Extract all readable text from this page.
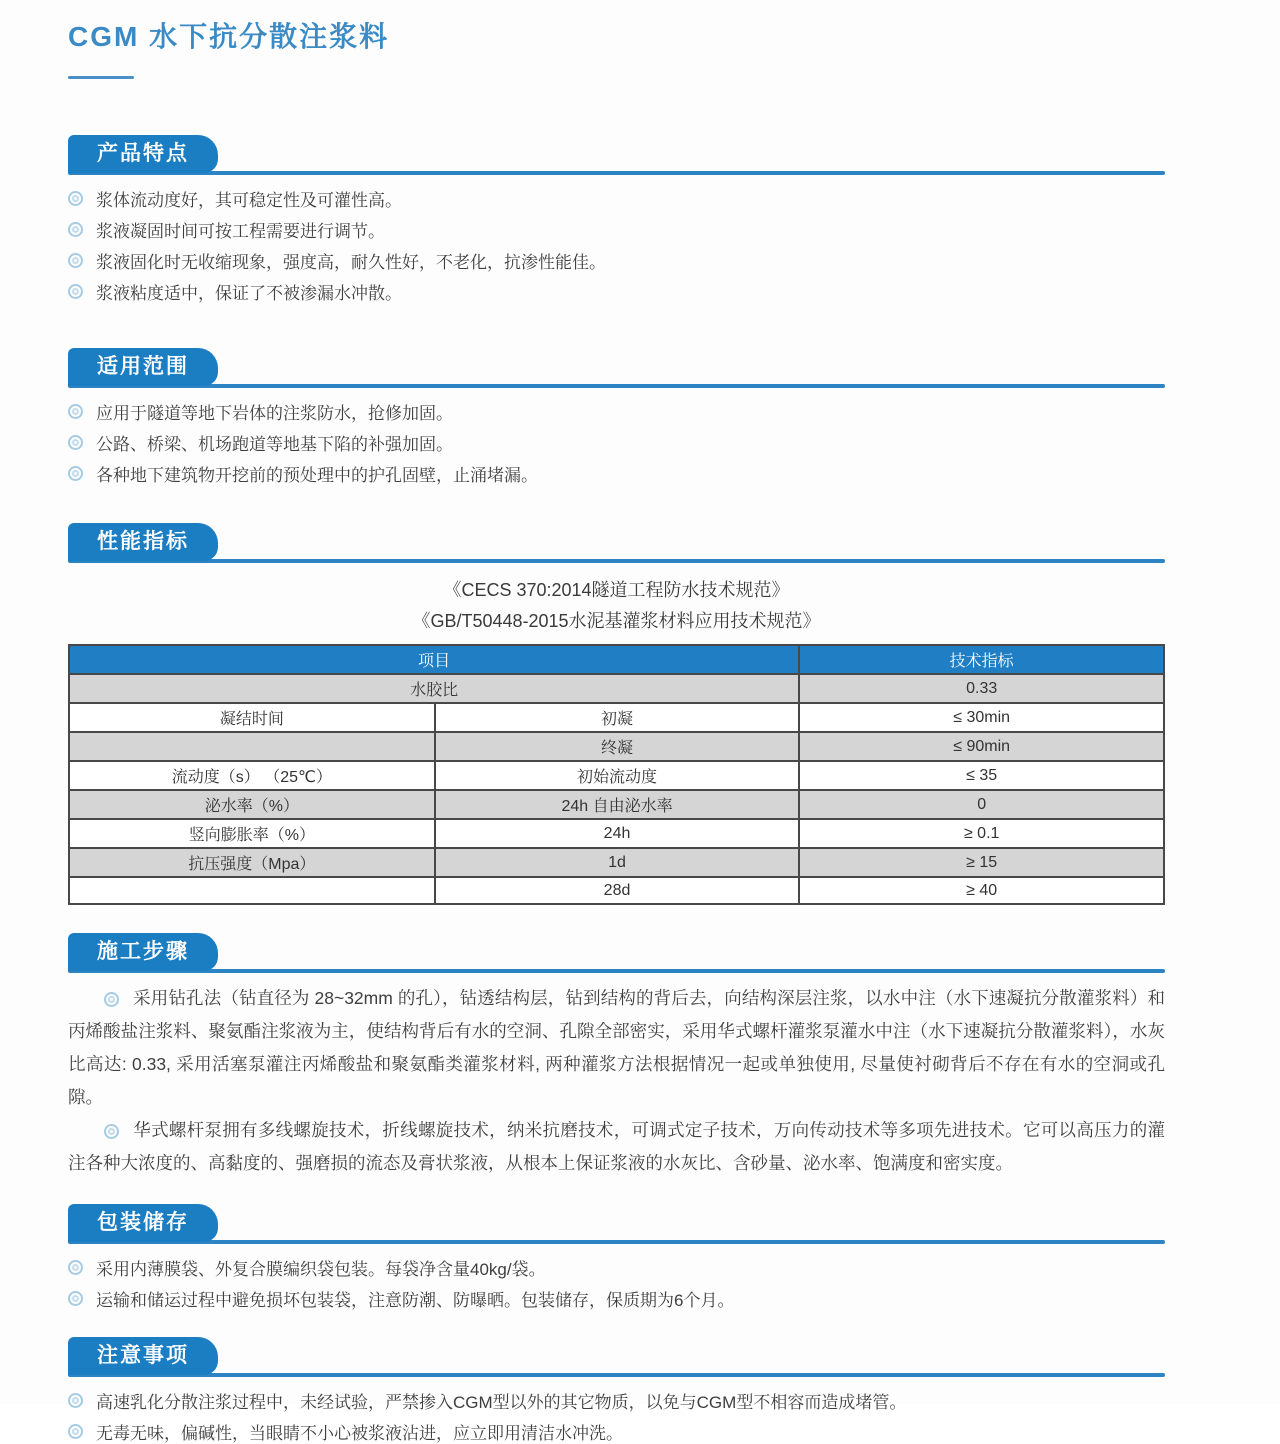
CGM 水下抗分散注浆料
产品特点
浆体流动度好，其可稳定性及可灌性高。
浆液凝固时间可按工程需要进行调节。
浆液固化时无收缩现象，强度高，耐久性好，不老化，抗渗性能佳。
浆液粘度适中，保证了不被渗漏水冲散。
适用范围
应用于隧道等地下岩体的注浆防水，抢修加固。
公路、桥梁、机场跑道等地基下陷的补强加固。
各种地下建筑物开挖前的预处理中的护孔固壁，止涌堵漏。
性能指标
《CECS 370:2014隧道工程防水技术规范》
《GB/T50448-2015水泥基灌浆材料应用技术规范》
项目		技术指标
水胶比		0.33
凝结时间	初凝	≤ 30min
	终凝	≤ 90min
流动度（s） （25℃）	初始流动度	≤ 35
泌水率（%）	24h 自由泌水率	0
竖向膨胀率（%）	24h	≥ 0.1
抗压强度（Mpa）	1d	≥ 15
	28d	≥ 40
施工步骤

采用钻孔法（钻直径为 28~32mm 的孔），钻透结构层，钻到结构的背后去，向结构深层注浆，以水中注（水下速凝抗分散灌浆料）和丙烯酸盐注浆料、聚氨酯注浆液为主，使结构背后有水的空洞、孔隙全部密实，采用华式螺杆灌浆泵灌水中注（水下速凝抗分散灌浆料），水灰比高达: 0.33, 采用活塞泵灌注丙烯酸盐和聚氨酯类灌浆材料, 两种灌浆方法根据情况一起或单独使用, 尽量使衬砌背后不存在有水的空洞或孔隙。

华式螺杆泵拥有多线螺旋技术，折线螺旋技术，纳米抗磨技术，可调式定子技术，万向传动技术等多项先进技术。它可以高压力的灌注各种大浓度的、高黏度的、强磨损的流态及膏状浆液，从根本上保证浆液的水灰比、含砂量、泌水率、饱满度和密实度。

包装储存
采用内薄膜袋、外复合膜编织袋包装。每袋净含量40kg/袋。
运输和储运过程中避免损坏包装袋，注意防潮、防曝晒。包装储存，保质期为6个月。
注意事项
高速乳化分散注浆过程中，未经试验，严禁掺入CGM型以外的其它物质，以免与CGM型不相容而造成堵管。
无毒无味，偏碱性，当眼睛不小心被浆液沾进，应立即用清洁水冲洗。
